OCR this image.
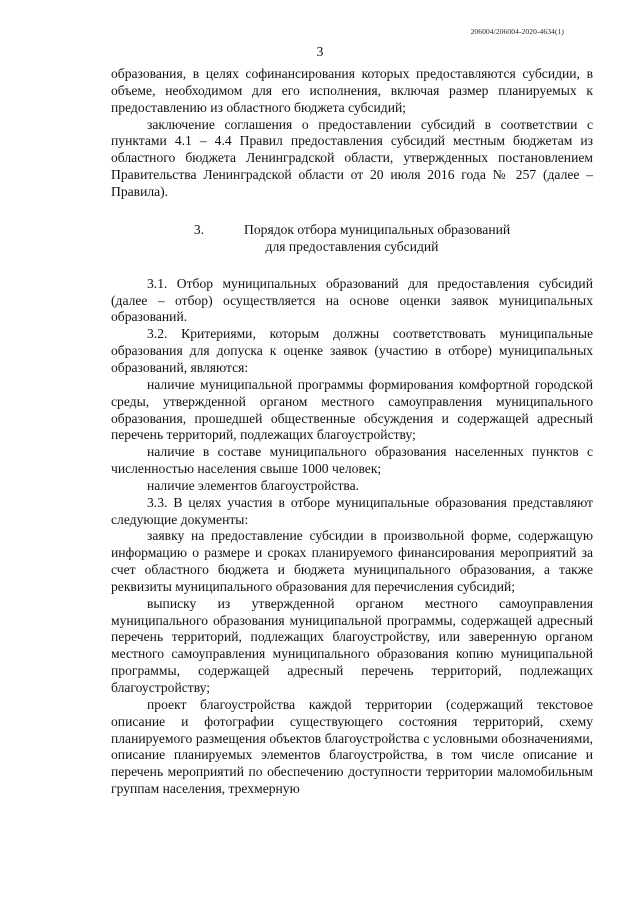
206004/206004-2020-4634(1)
3

образования, в целях софинансирования которых предоставляются субсидии, в объеме, необходимом для его исполнения, включая размер планируемых к предоставлению из областного бюджета субсидий;

заключение соглашения о предоставлении субсидий в соответствии с пунктами 4.1 – 4.4 Правил предоставления субсидий местным бюджетам из областного бюджета Ленинградской области, утвержденных постановлением Правительства Ленинградской области от 20 июля 2016 года № 257 (далее – Правила).

3.	Порядок отбора муниципальных образований
для предоставления субсидий

3.1. Отбор муниципальных образований для предоставления субсидий (далее – отбор) осуществляется на основе оценки заявок муниципальных образований.

3.2. Критериями, которым должны соответствовать муниципальные образования для допуска к оценке заявок (участию в отборе) муниципальных образований, являются:

наличие муниципальной программы формирования комфортной городской среды, утвержденной органом местного самоуправления муниципального образования, прошедшей общественные обсуждения и содержащей адресный перечень территорий, подлежащих благоустройству;

наличие в составе муниципального образования населенных пунктов с численностью населения свыше 1000 человек;

наличие элементов благоустройства.

3.3. В целях участия в отборе муниципальные образования представляют следующие документы:

заявку на предоставление субсидии в произвольной форме, содержащую информацию о размере и сроках планируемого финансирования мероприятий за счет областного бюджета и бюджета муниципального образования, а также реквизиты муниципального образования для перечисления субсидий;

выписку из утвержденной органом местного самоуправления муниципального образования муниципальной программы, содержащей адресный перечень территорий, подлежащих благоустройству, или заверенную органом местного самоуправления муниципального образования копию муниципальной программы, содержащей адресный перечень территорий, подлежащих благоустройству;

проект благоустройства каждой территории (содержащий текстовое описание и фотографии существующего состояния территорий, схему планируемого размещения объектов благоустройства с условными обозначениями, описание планируемых элементов благоустройства, в том числе описание и перечень мероприятий по обеспечению доступности территории маломобильным группам населения, трехмерную
